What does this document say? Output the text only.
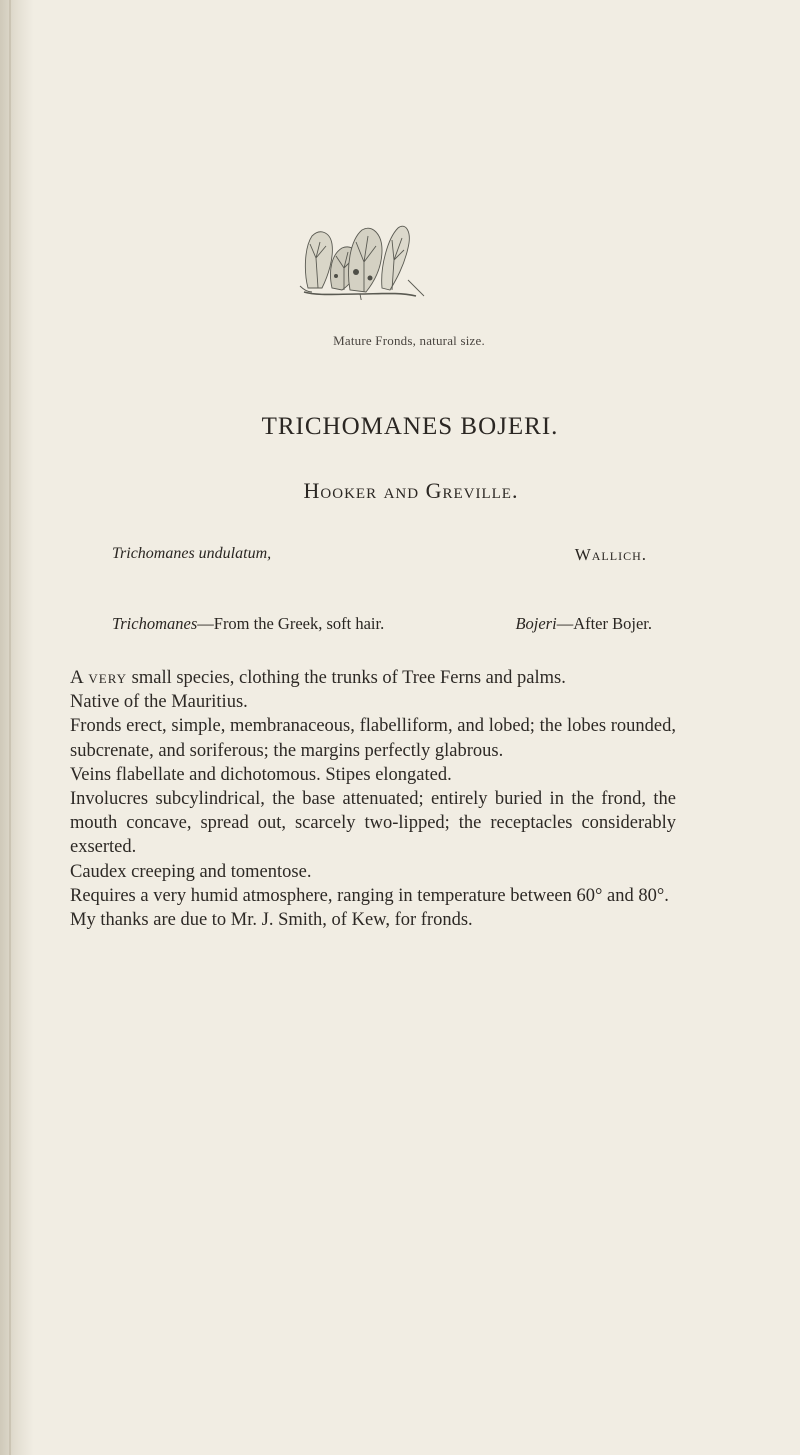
Mature Fronds, natural size.
TRICHOMANES BOJERI.
Hooker and Greville.
Trichomanes undulatum,	Wallich.
Trichomanes—From the Greek, soft hair.	Bojeri—After Bojer.

A very small species, clothing the trunks of Tree Ferns and palms.

Native of the Mauritius.

Fronds erect, simple, membranaceous, flabelliform, and lobed; the lobes rounded, subcrenate, and soriferous; the margins perfectly glabrous.

Veins flabellate and dichotomous. Stipes elongated.

Involucres subcylindrical, the base attenuated; entirely buried in the frond, the mouth concave, spread out, scarcely two-lipped; the receptacles considerably exserted.

Caudex creeping and tomentose.

Requires a very humid atmosphere, ranging in temperature between 60° and 80°.

My thanks are due to Mr. J. Smith, of Kew, for fronds.
